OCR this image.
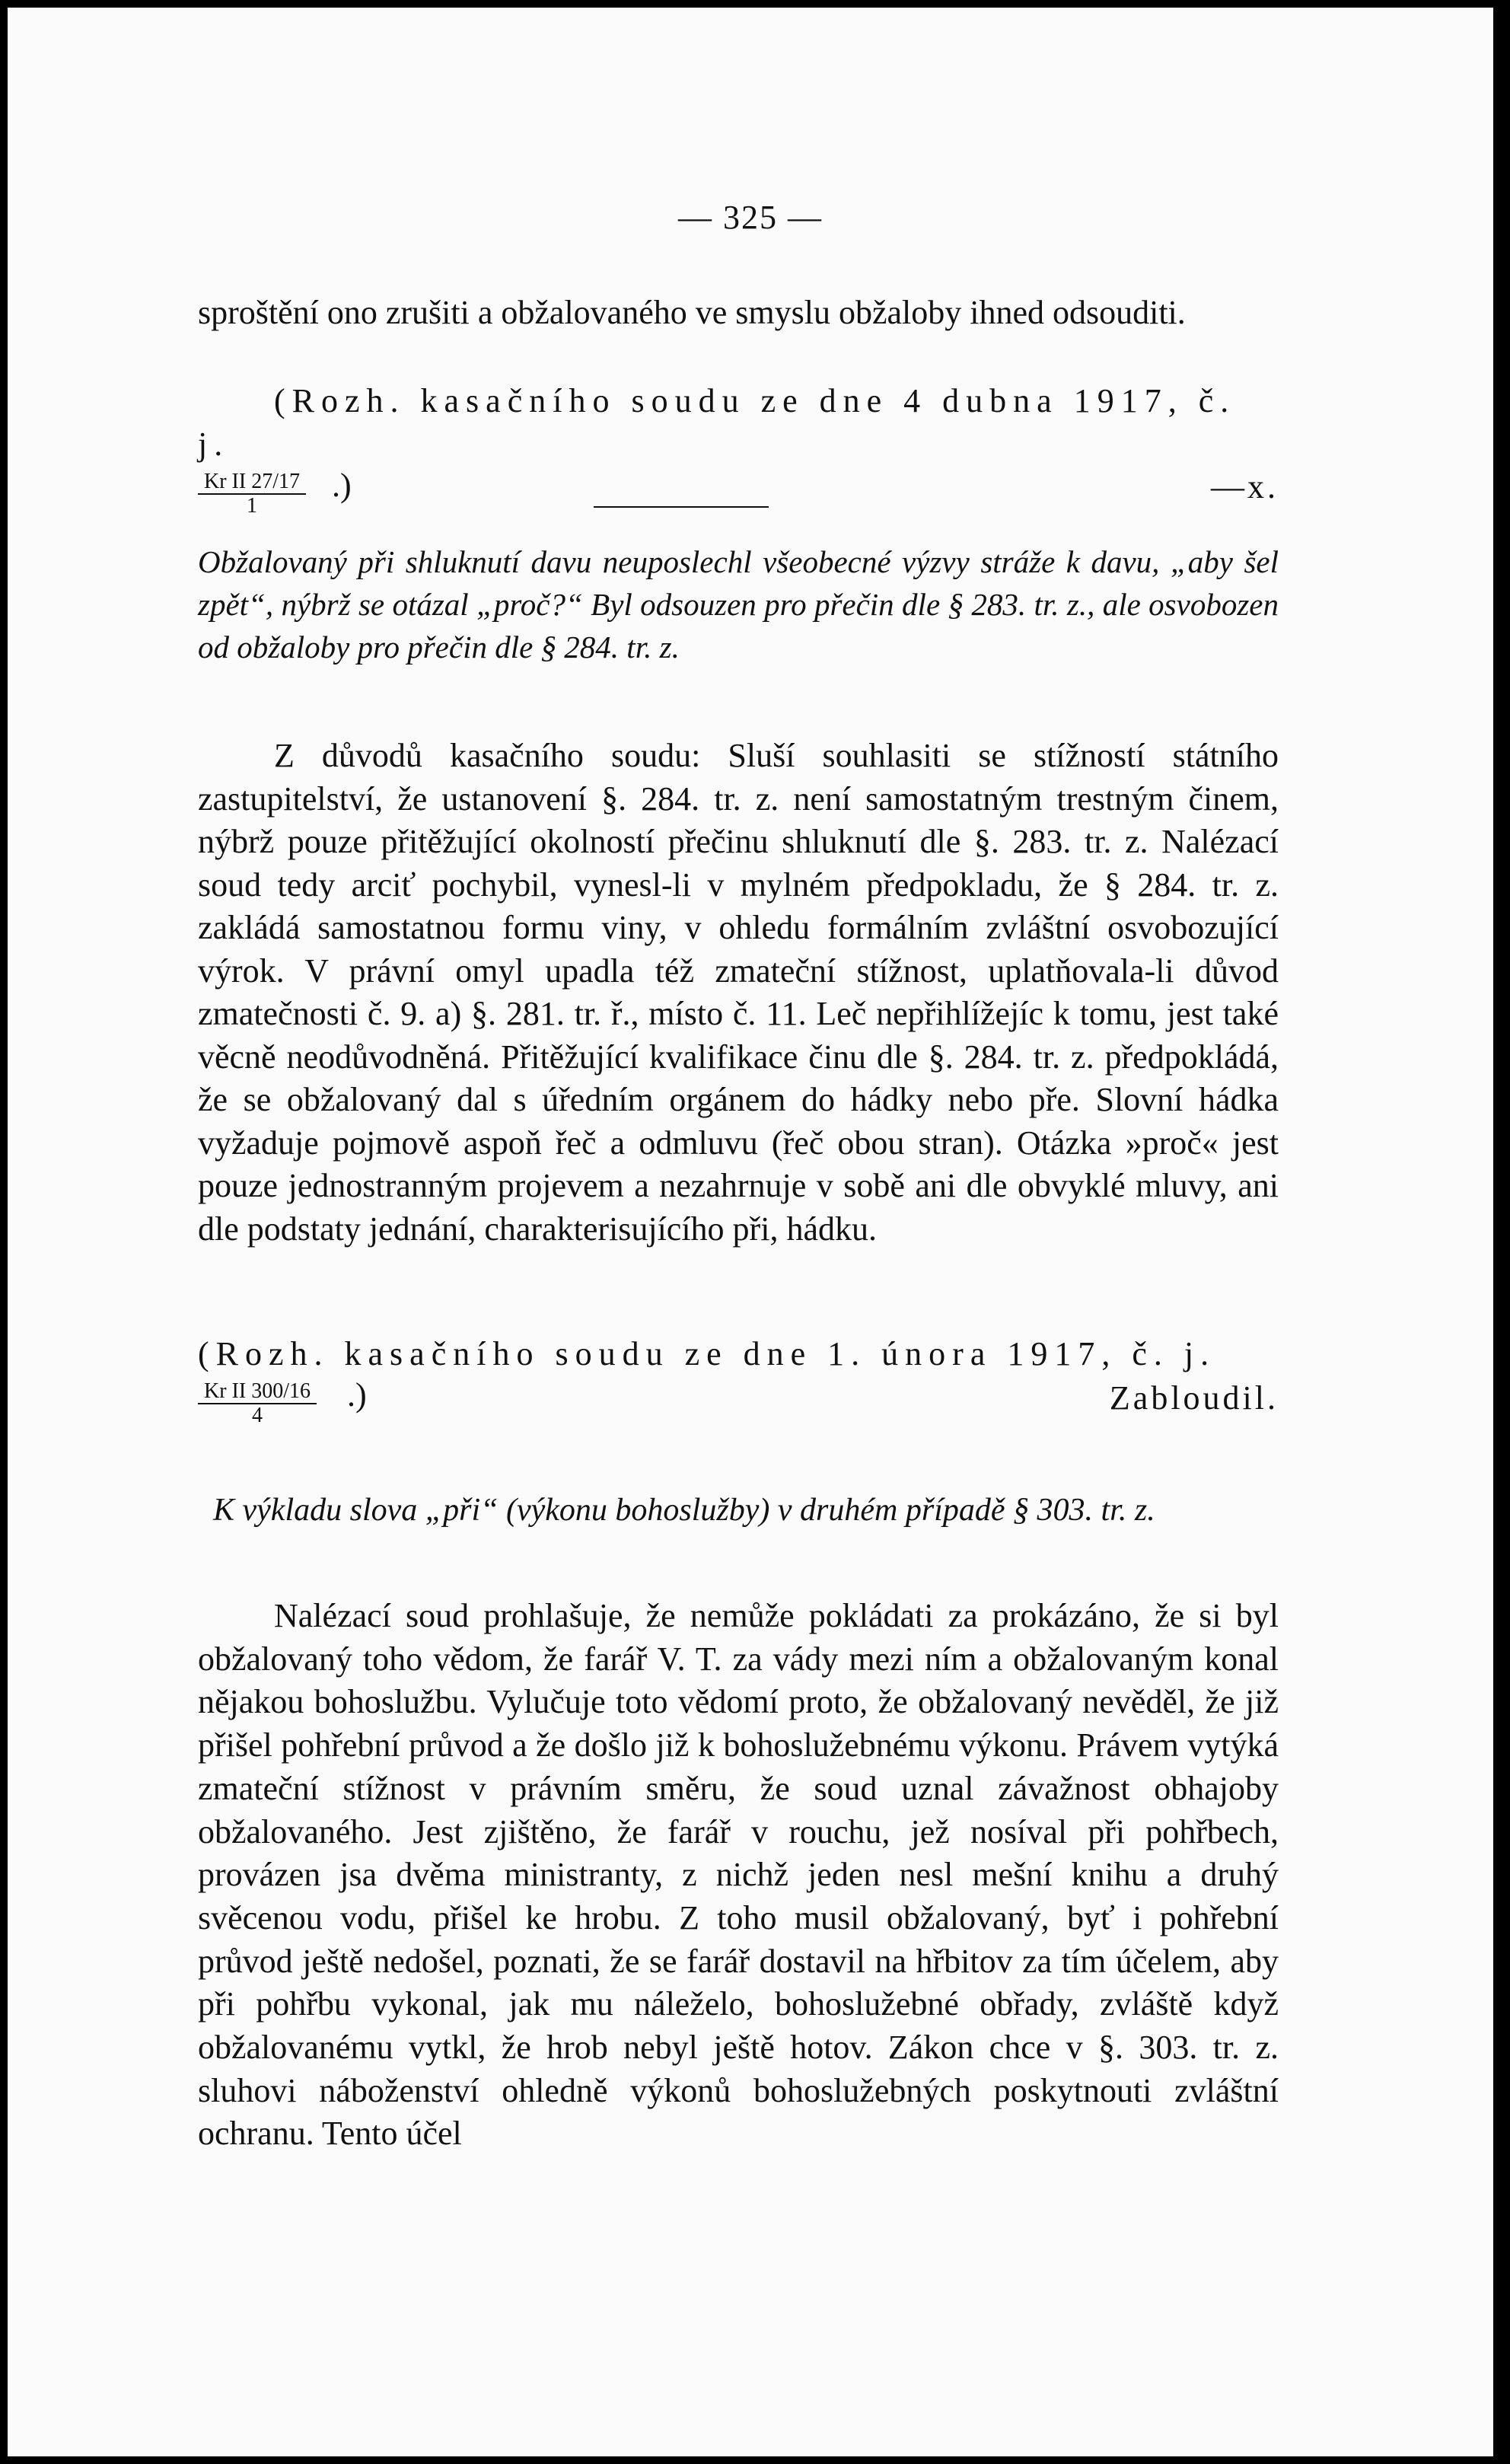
— 325 —

sproštění ono zrušiti a obžalovaného ve smyslu obžaloby ihned odsouditi.

(Rozh. kasačního soudu ze dne 4 dubna 1917, č. j.
$\frac{\text{Kr II 27/17}}{1}$ .)	—x.

Obžalovaný při shluknutí davu neuposlechl všeobecné výzvy stráže k davu, „aby šel zpět“, nýbrž se otázal „proč?“ Byl odsouzen pro přečin dle § 283. tr. z., ale osvobozen od obžaloby pro přečin dle § 284. tr. z.

Z důvodů kasačního soudu: Sluší souhlasiti se stížností státního zastupitelství, že ustanovení §. 284. tr. z. není samostatným trestným činem, nýbrž pouze přitěžující okolností přečinu shluknutí dle §. 283. tr. z. Nalézací soud tedy arciť pochybil, vynesl-li v mylném předpokladu, že § 284. tr. z. zakládá samostatnou formu viny, v ohledu formálním zvláštní osvobozující výrok. V právní omyl upadla též zmateční stížnost, uplatňovala-li důvod zmatečnosti č. 9. a) §. 281. tr. ř., místo č. 11. Leč nepřihlížejíc k tomu, jest také věcně neodůvodněná. Přitěžující kvalifikace činu dle §. 284. tr. z. předpokládá, že se obžalovaný dal s úředním orgánem do hádky nebo pře. Slovní hádka vyžaduje pojmově aspoň řeč a odmluvu (řeč obou stran). Otázka »proč« jest pouze jednostranným projevem a nezahrnuje v sobě ani dle obvyklé mluvy, ani dle podstaty jednání, charakterisujícího při, hádku.

(Rozh. kasačního soudu ze dne 1. února 1917, č. j.
$\frac{\text{Kr II 300/16}}{4}$ .)	Zabloudil.

K výkladu slova „při“ (výkonu bohoslužby) v druhém případě § 303. tr. z.

Nalézací soud prohlašuje, že nemůže pokládati za prokázáno, že si byl obžalovaný toho vědom, že farář V. T. za vády mezi ním a obžalovaným konal nějakou bohoslužbu. Vylučuje toto vědomí proto, že obžalovaný nevěděl, že již přišel pohřební průvod a že došlo již k bohoslužebnému výkonu. Právem vytýká zmateční stížnost v právním směru, že soud uznal závažnost obhajoby obžalovaného. Jest zjištěno, že farář v rouchu, jež nosíval při pohřbech, provázen jsa dvěma ministranty, z nichž jeden nesl mešní knihu a druhý svěcenou vodu, přišel ke hrobu. Z toho musil obžalovaný, byť i pohřební průvod ještě nedošel, poznati, že se farář dostavil na hřbitov za tím účelem, aby při pohřbu vykonal, jak mu náleželo, bohoslužebné obřady, zvláště když obžalovanému vytkl, že hrob nebyl ještě hotov. Zákon chce v §. 303. tr. z. sluhovi náboženství ohledně výkonů bohoslužebných poskytnouti zvláštní ochranu. Tento účel
